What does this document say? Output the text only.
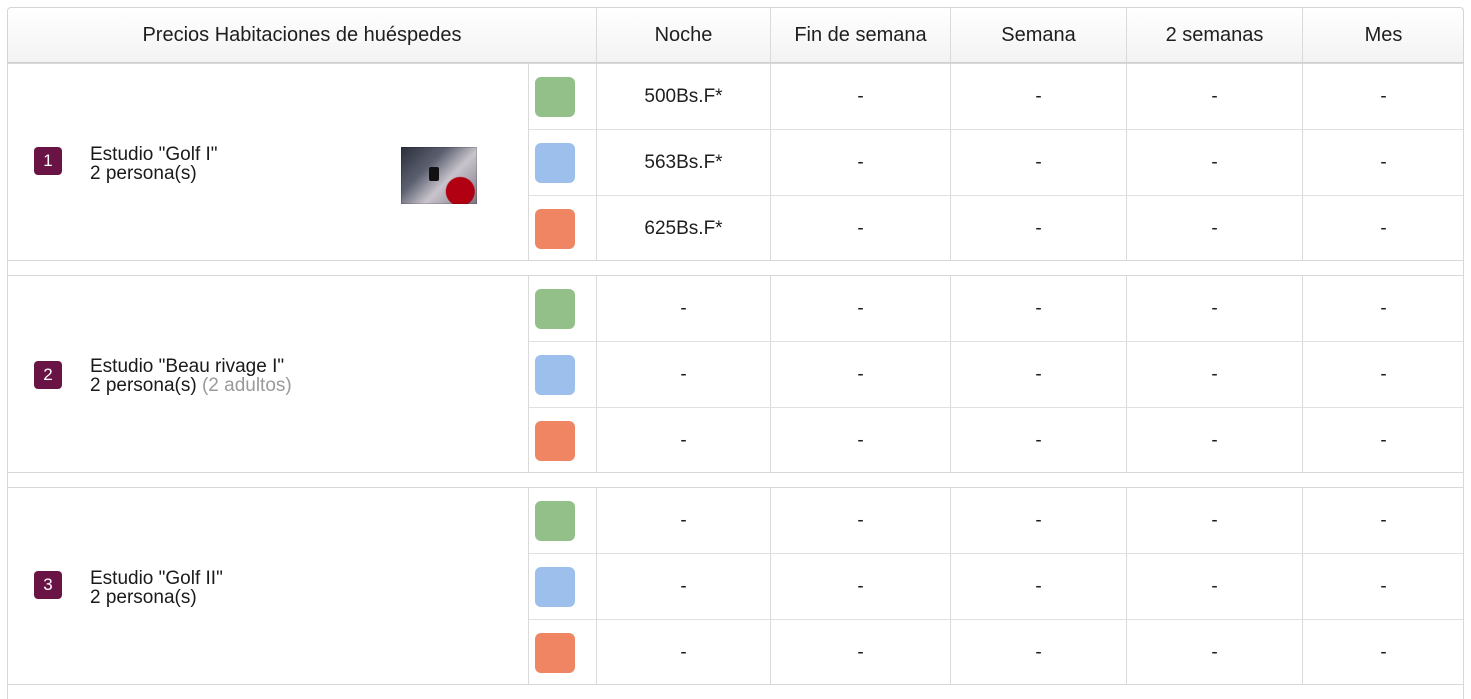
Precios Habitaciones de huéspedes	Noche	Fin de semana	Semana	2 semanas	Mes
1	Estudio "Golf I"
2 persona(s)
500Bs.F*	-	-	-	-
563Bs.F*	-	-	-	-
625Bs.F*	-	-	-	-
2	Estudio "Beau rivage I"
2 persona(s) (2 adultos)
-	-	-	-	-
-	-	-	-	-
-	-	-	-	-
3	Estudio "Golf II"
2 persona(s)
-	-	-	-	-
-	-	-	-	-
-	-	-	-	-
